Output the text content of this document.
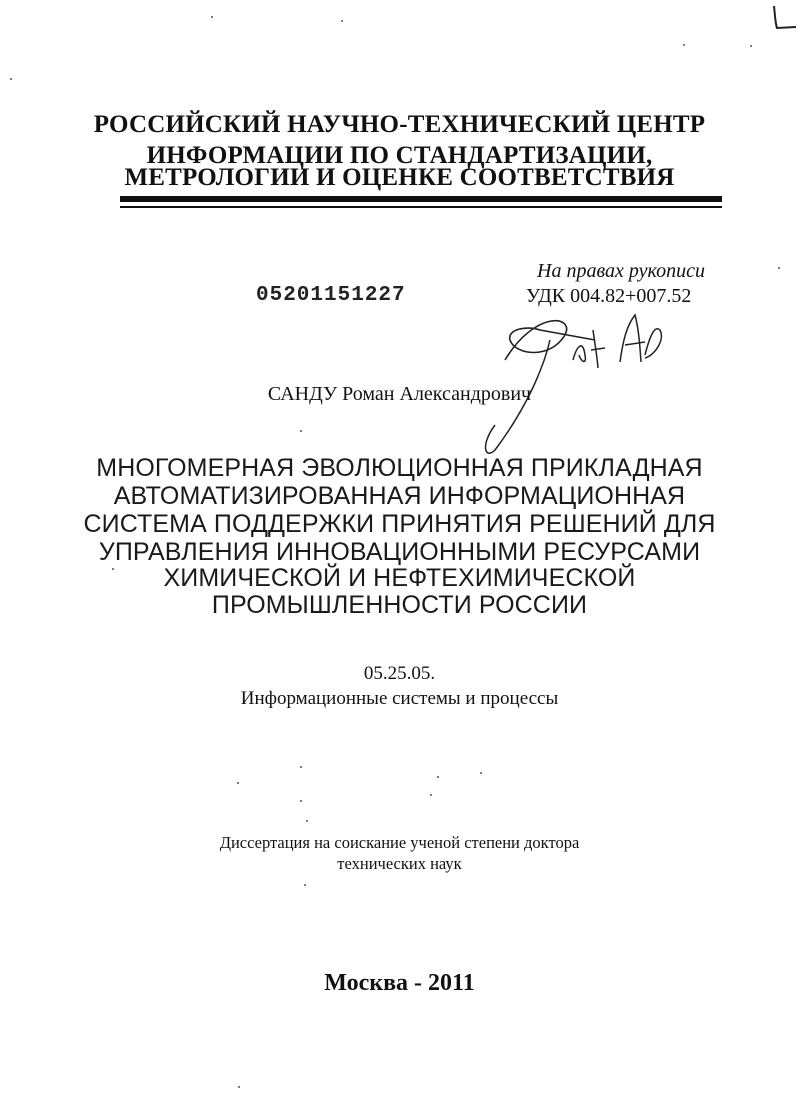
РОССИЙСКИЙ НАУЧНО-ТЕХНИЧЕСКИЙ ЦЕНТР
ИНФОРМАЦИИ ПО СТАНДАРТИЗАЦИИ,
МЕТРОЛОГИИ И ОЦЕНКЕ СООТВЕТСТВИЯ
На правах рукописи
05201151227	УДК 004.82+007.52
САНДУ Роман Александрович
МНОГОМЕРНАЯ ЭВОЛЮЦИОННАЯ ПРИКЛАДНАЯ
АВТОМАТИЗИРОВАННАЯ ИНФОРМАЦИОННАЯ
СИСТЕМА ПОДДЕРЖКИ ПРИНЯТИЯ РЕШЕНИЙ ДЛЯ
УПРАВЛЕНИЯ ИННОВАЦИОННЫМИ РЕСУРСАМИ
ХИМИЧЕСКОЙ И НЕФТЕХИМИЧЕСКОЙ
ПРОМЫШЛЕННОСТИ РОССИИ
05.25.05.
Информационные системы и процессы
Диссертация на соискание ученой степени доктора
технических наук
Москва - 2011
